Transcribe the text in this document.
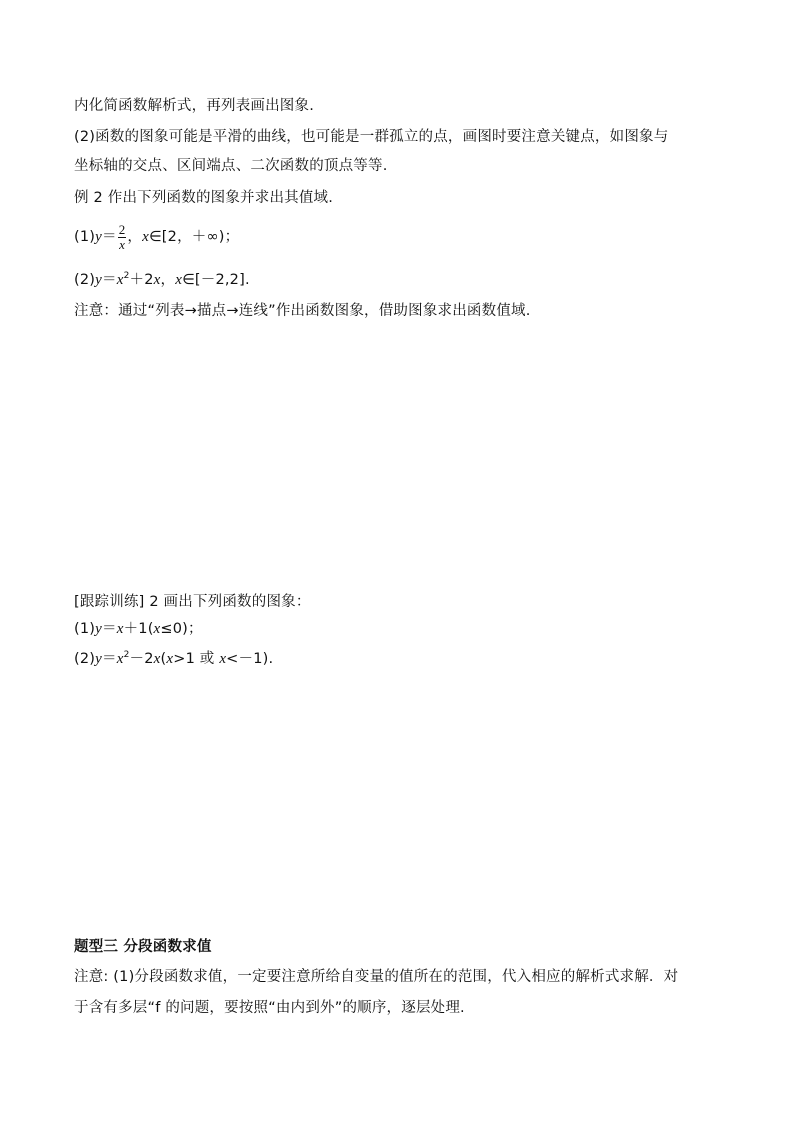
内化简函数解析式，再列表画出图象.
(2)函数的图象可能是平滑的曲线，也可能是一群孤立的点，画图时要注意关键点，如图象与
坐标轴的交点、区间端点、二次函数的顶点等等.
例 2 作出下列函数的图象并求出其值域.
$(1)y= \frac{2}{x}$ ，x∈[2，＋∞)；
$(2)y=x^2+2x$，x∈[－2,2].
注意：通过“列表→描点→连线”作出函数图象，借助图象求出函数值域.
[跟踪训练] 2 画出下列函数的图象：
(1)y＝x＋1(x≤0)；
$(2)y=x^2-2x(x>1$ 或 x<－1).
题型三 分段函数求值
注意: (1)分段函数求值，一定要注意所给自变量的值所在的范围，代入相应的解析式求解．对
于含有多层“f 的问题，要按照“由内到外”的顺序，逐层处理.
